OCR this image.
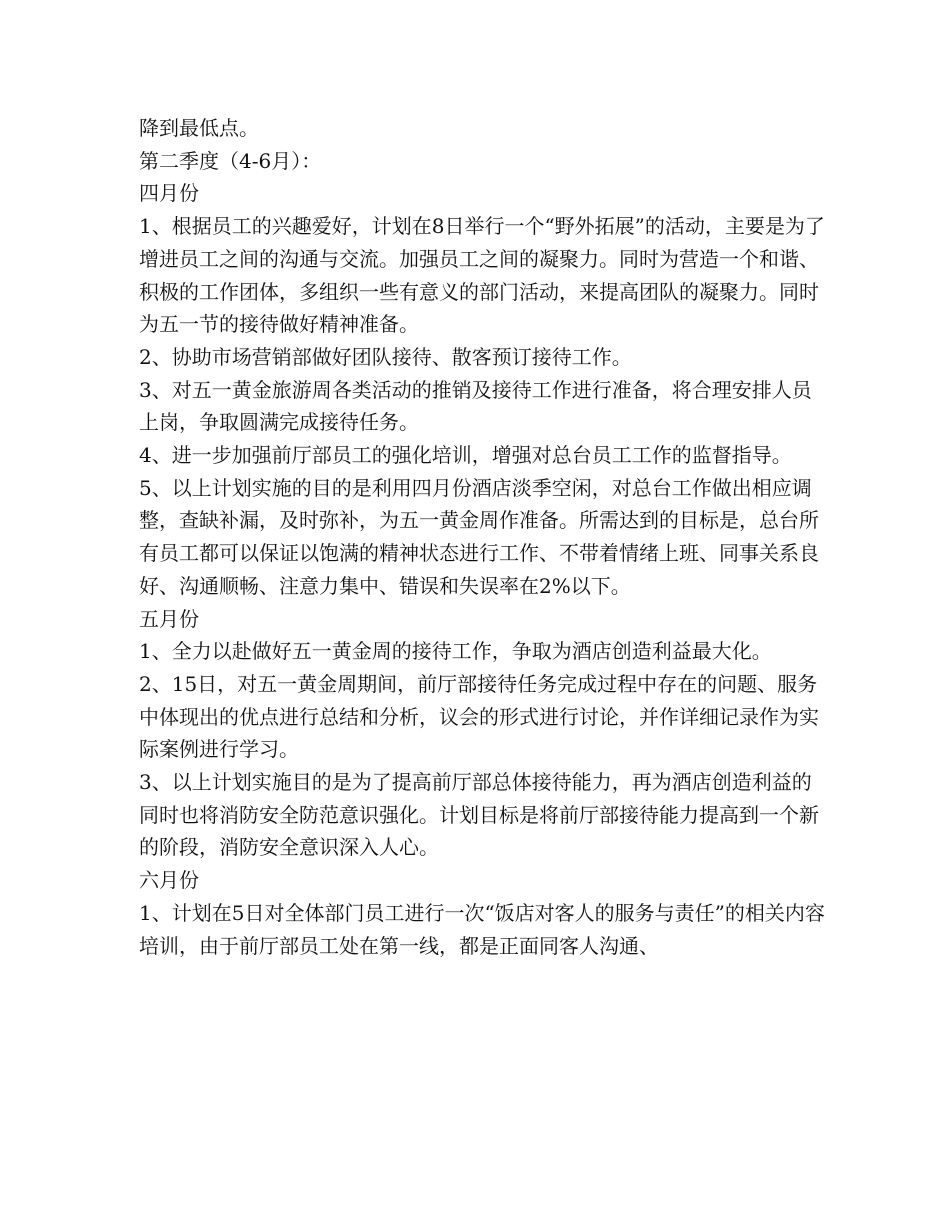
降到最低点。

第二季度（4-6月）：

四月份

1、根据员工的兴趣爱好，计划在8日举行一个“野外拓展”的活动，主要是为了增进员工之间的沟通与交流。加强员工之间的凝聚力。同时为营造一个和谐、积极的工作团体，多组织一些有意义的部门活动，来提高团队的凝聚力。同时为五一节的接待做好精神准备。

2、协助市场营销部做好团队接待、散客预订接待工作。

3、对五一黄金旅游周各类活动的推销及接待工作进行准备，将合理安排人员上岗，争取圆满完成接待任务。

4、进一步加强前厅部员工的强化培训，增强对总台员工工作的监督指导。

5、以上计划实施的目的是利用四月份酒店淡季空闲，对总台工作做出相应调整，查缺补漏，及时弥补，为五一黄金周作准备。所需达到的目标是，总台所有员工都可以保证以饱满的精神状态进行工作、不带着情绪上班、同事关系良好、沟通顺畅、注意力集中、错误和失误率在2%以下。

五月份

1、全力以赴做好五一黄金周的接待工作，争取为酒店创造利益最大化。

2、15日，对五一黄金周期间，前厅部接待任务完成过程中存在的问题、服务中体现出的优点进行总结和分析，议会的形式进行讨论，并作详细记录作为实际案例进行学习。

3、以上计划实施目的是为了提高前厅部总体接待能力，再为酒店创造利益的同时也将消防安全防范意识强化。计划目标是将前厅部接待能力提高到一个新的阶段，消防安全意识深入人心。

六月份

1、计划在5日对全体部门员工进行一次“饭店对客人的服务与责任”的相关内容培训，由于前厅部员工处在第一线，都是正面同客人沟通、
